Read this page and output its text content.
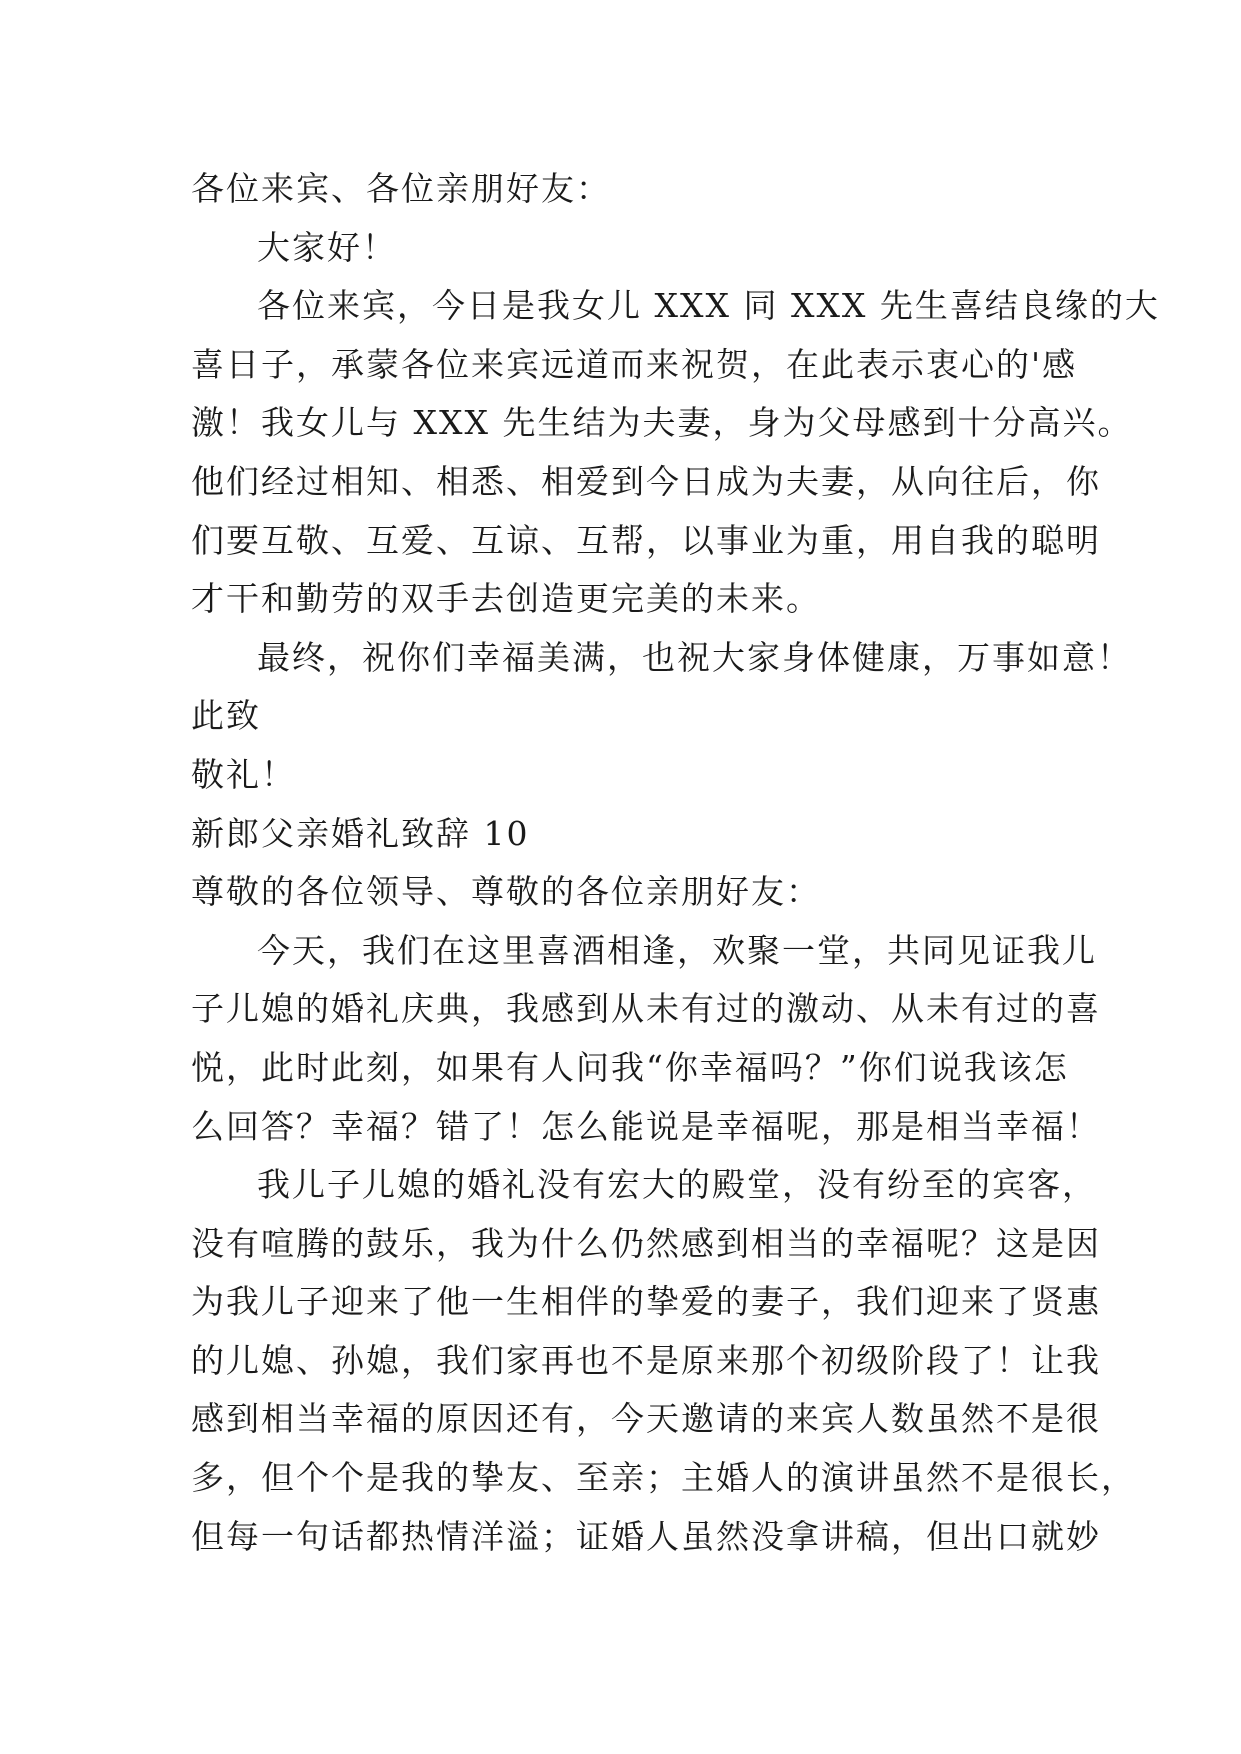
各位来宾、各位亲朋好友：
大家好！
各位来宾，今日是我女儿 XXX 同 XXX 先生喜结良缘的大
喜日子，承蒙各位来宾远道而来祝贺，在此表示衷心的'感
激！我女儿与 XXX 先生结为夫妻，身为父母感到十分高兴。
他们经过相知、相悉、相爱到今日成为夫妻，从向往后，你
们要互敬、互爱、互谅、互帮，以事业为重，用自我的聪明
才干和勤劳的双手去创造更完美的未来。
最终，祝你们幸福美满，也祝大家身体健康，万事如意！
此致
敬礼！
新郎父亲婚礼致辞 10
尊敬的各位领导、尊敬的各位亲朋好友：
今天，我们在这里喜酒相逢，欢聚一堂，共同见证我儿
子儿媳的婚礼庆典，我感到从未有过的激动、从未有过的喜
悦，此时此刻，如果有人问我“你幸福吗？”你们说我该怎
么回答？幸福？错了！怎么能说是幸福呢，那是相当幸福！
我儿子儿媳的婚礼没有宏大的殿堂，没有纷至的宾客，
没有喧腾的鼓乐，我为什么仍然感到相当的幸福呢？这是因
为我儿子迎来了他一生相伴的挚爱的妻子，我们迎来了贤惠
的儿媳、孙媳，我们家再也不是原来那个初级阶段了！让我
感到相当幸福的原因还有，今天邀请的来宾人数虽然不是很
多，但个个是我的挚友、至亲；主婚人的演讲虽然不是很长，
但每一句话都热情洋溢；证婚人虽然没拿讲稿，但出口就妙
